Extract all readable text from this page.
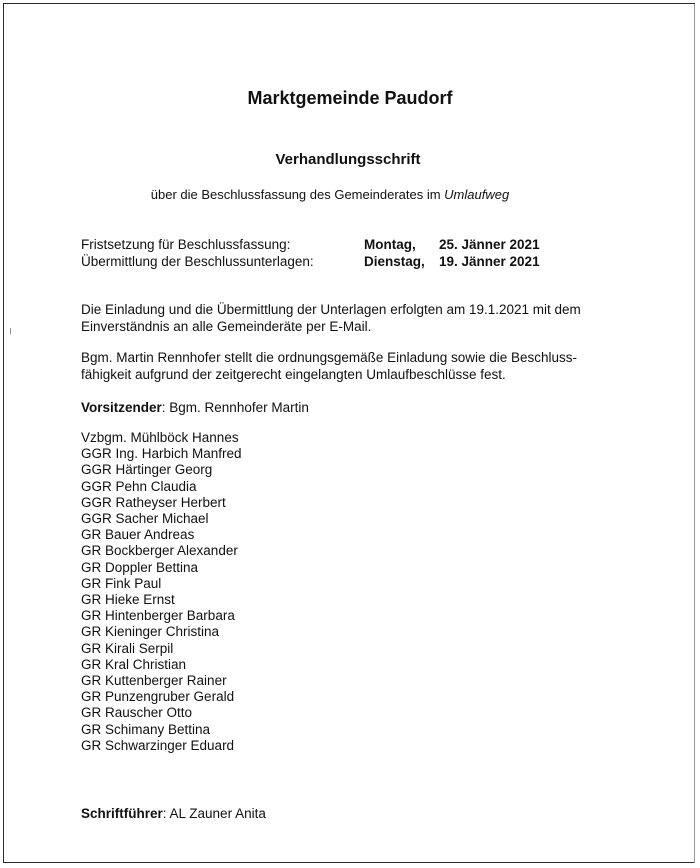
Marktgemeinde Paudorf
Verhandlungsschrift

über die Beschlussfassung des Gemeinderates im Umlaufweg

Fristsetzung für Beschlussfassung:	Montag, 25. Jänner 2021
Übermittlung der Beschlussunterlagen:	Dienstag, 19. Jänner 2021

Die Einladung und die Übermittlung der Unterlagen erfolgten am 19.1.2021 mit dem
Einverständnis an alle Gemeinderäte per E-Mail.

Bgm. Martin Rennhofer stellt die ordnungsgemäße Einladung sowie die Beschluss-
fähigkeit aufgrund der zeitgerecht eingelangten Umlaufbeschlüsse fest.

Vorsitzender: Bgm. Rennhofer Martin
Vzbgm. Mühlböck Hannes
GGR Ing. Harbich Manfred
GGR Härtinger Georg
GGR Pehn Claudia
GGR Ratheyser Herbert
GGR Sacher Michael
GR Bauer Andreas
GR Bockberger Alexander
GR Doppler Bettina
GR Fink Paul
GR Hieke Ernst
GR Hintenberger Barbara
GR Kieninger Christina
GR Kirali Serpil
GR Kral Christian
GR Kuttenberger Rainer
GR Punzengruber Gerald
GR Rauscher Otto
GR Schimany Bettina
GR Schwarzinger Eduard
Schriftführer: AL Zauner Anita
